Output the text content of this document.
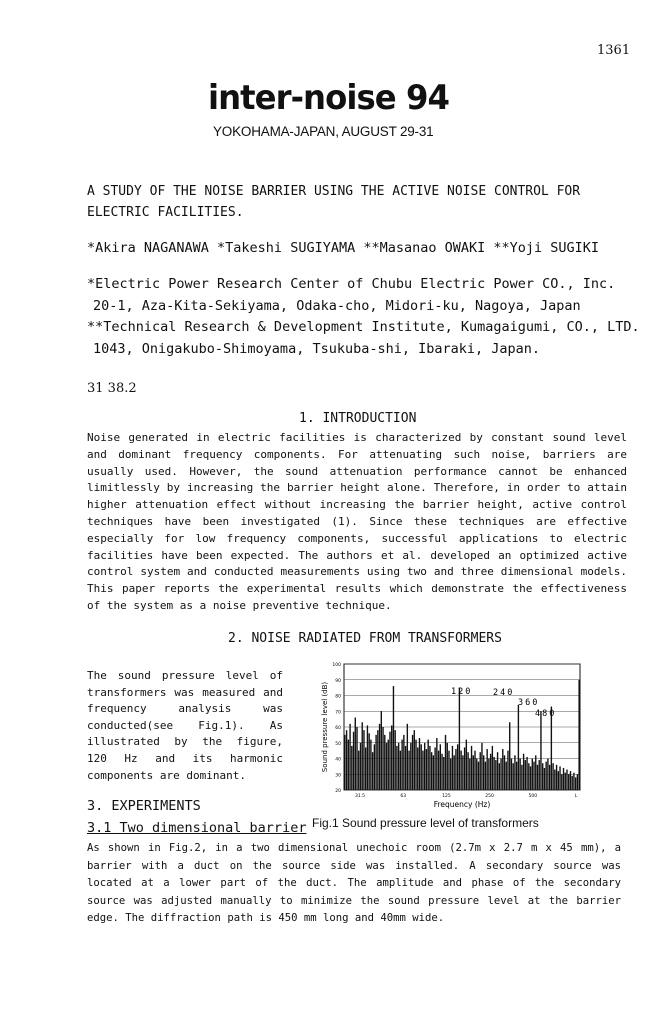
1361
inter-noise 94
YOKOHAMA-JAPAN, AUGUST 29-31
A STUDY OF THE NOISE BARRIER USING THE ACTIVE NOISE CONTROL FOR ELECTRIC FACILITIES.
*Akira NAGANAWA *Takeshi SUGIYAMA **Masanao OWAKI **Yoji SUGIKI
*Electric Power Research Center of Chubu Electric Power CO., Inc.
20-1, Aza-Kita-Sekiyama, Odaka-cho, Midori-ku, Nagoya, Japan
**Technical Research & Development Institute, Kumagaigumi, CO., LTD.
1043, Onigakubo-Shimoyama, Tsukuba-shi, Ibaraki, Japan.
31 38.2
1. INTRODUCTION
Noise generated in electric facilities is characterized by constant sound level and dominant frequency components. For attenuating such noise, barriers are usually used. However, the sound attenuation performance cannot be enhanced limitlessly by increasing the barrier height alone. Therefore, in order to attain higher attenuation effect without increasing the barrier height, active control techniques have been investigated (1). Since these techniques are effective especially for low frequency components, successful applications to electric facilities have been expected. The authors et al. developed an optimized active control system and conducted measurements using two and three dimensional models. This paper reports the experimental results which demonstrate the effectiveness of the system as a noise preventive technique.
2. NOISE RADIATED FROM TRANSFORMERS
The sound pressure level of transformers was measured and frequency analysis was conducted(see Fig.1). As illustrated by the figure, 120 Hz and its harmonic components are dominant.
100
90
80
70
60
50
40
30
20
31.5	63	125	250	500	L
Frequency (Hz)
Sound pressure level (dB)	120 240
360
480
Fig.1 Sound pressure level of transformers
3. EXPERIMENTS
3.1 Two dimensional barrier
As shown in Fig.2, in a two dimensional unechoic room (2.7m x 2.7 m x 45 mm), a barrier with a duct on the source side was installed. A secondary source was located at a lower part of the duct. The amplitude and phase of the secondary source was adjusted manually to minimize the sound pressure level at the barrier edge. The diffraction path is 450 mm long and 40mm wide.
